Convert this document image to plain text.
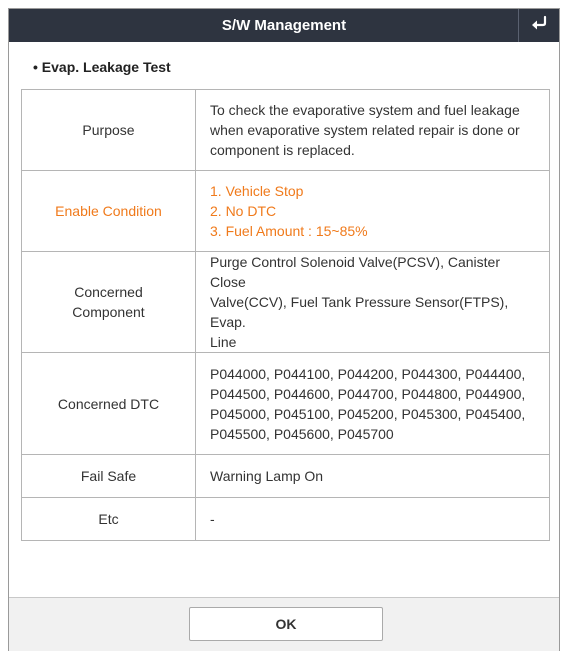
S/W Management
• Evap. Leakage Test
Purpose	To check the evaporative system and fuel leakage
when evaporative system related repair is done or
component is replaced.

Enable Condition	1. Vehicle Stop
2. No DTC
3. Fuel Amount : 15~85%

Concerned
Component	Purge Control Solenoid Valve(PCSV), Canister Close
Valve(CCV), Fuel Tank Pressure Sensor(FTPS), Evap.
Line

Concerned DTC	P044000, P044100, P044200, P044300, P044400,
P044500, P044600, P044700, P044800, P044900,
P045000, P045100, P045200, P045300, P045400,
P045500, P045600, P045700

Fail Safe	Warning Lamp On
Etc	-
OK
